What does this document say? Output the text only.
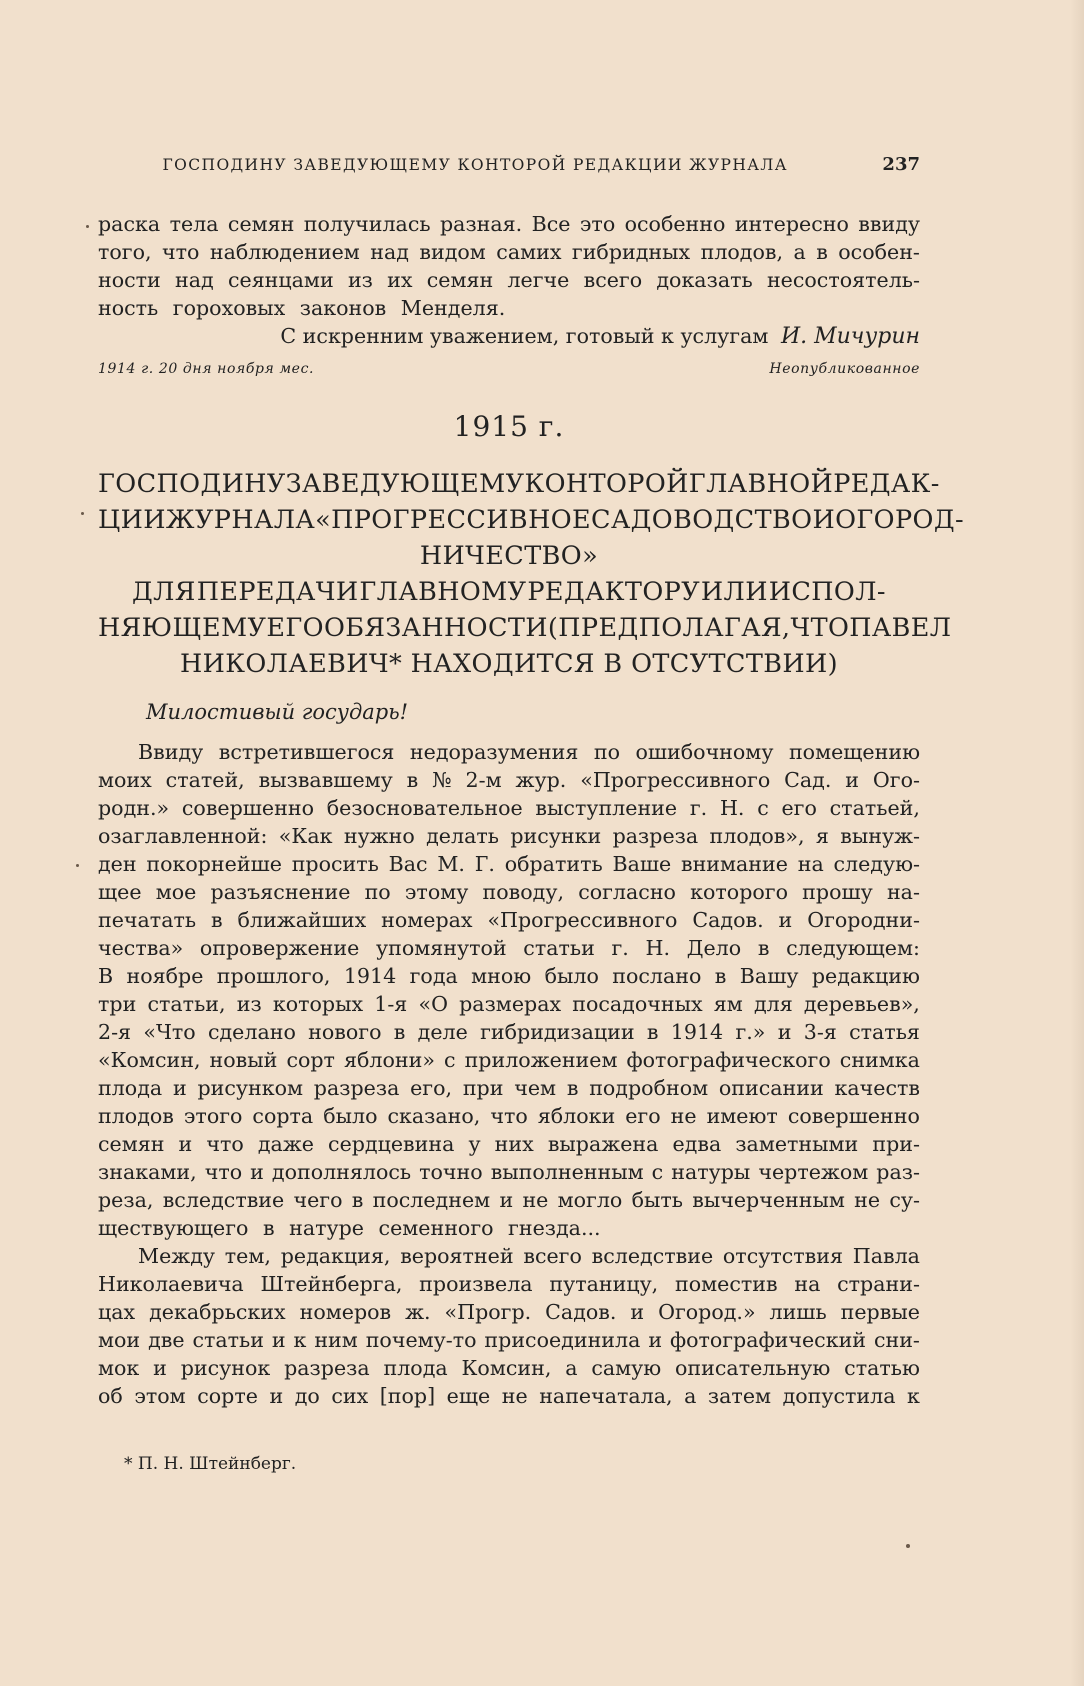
ГОСПОДИНУ ЗАВЕДУЮЩЕМУ КОНТОРОЙ РЕДАКЦИИ ЖУРНАЛА	237
раска тела семян получилась разная. Все это особенно интересно ввиду
того, что наблюдением над видом самих гибридных плодов, а в особен-
ности над сеянцами из их семян легче всего доказать несостоятель-
ность гороховых законов Менделя.
С искренним уважением, готовый к услугам И. Мичурин
1914 г. 20 дня ноября мес.	Неопубликованное
1915 г.
ГОСПОДИНУ ЗАВЕДУЮЩЕМУ КОНТОРОЙ ГЛАВНОЙ РЕДАК-
ЦИИ ЖУРНАЛА «ПРОГРЕССИВНОЕ САДОВОДСТВО И ОГОРОД-
НИЧЕСТВО»
ДЛЯ ПЕРЕДАЧИ ГЛАВНОМУ РЕДАКТОРУ ИЛИ ИСПОЛ-
НЯЮЩЕМУ ЕГО ОБЯЗАННОСТИ (ПРЕДПОЛАГАЯ, ЧТО ПАВЕЛ
НИКОЛАЕВИЧ* НАХОДИТСЯ В ОТСУТСТВИИ)
Милостивый государь!
Ввиду встретившегося недоразумения по ошибочному помещению
моих статей, вызвавшему в № 2-м жур. «Прогрессивного Сад. и Ого-
родн.» совершенно безосновательное выступление г. Н. с его статьей,
озаглавленной: «Как нужно делать рисунки разреза плодов», я вынуж-
ден покорнейше просить Вас М. Г. обратить Ваше внимание на следую-
щее мое разъяснение по этому поводу, согласно которого прошу на-
печатать в ближайших номерах «Прогрессивного Садов. и Огородни-
чества» опровержение упомянутой статьи г. Н. Дело в следующем:
В ноябре прошлого, 1914 года мною было послано в Вашу редакцию
три статьи, из которых 1-я «О размерах посадочных ям для деревьев»,
2-я «Что сделано нового в деле гибридизации в 1914 г.» и 3-я статья
«Комсин, новый сорт яблони» с приложением фотографического снимка
плода и рисунком разреза его, при чем в подробном описании качеств
плодов этого сорта было сказано, что яблоки его не имеют совершенно
семян и что даже сердцевина у них выражена едва заметными при-
знаками, что и дополнялось точно выполненным с натуры чертежом раз-
реза, вследствие чего в последнем и не могло быть вычерченным не су-
ществующего в натуре семенного гнезда...
Между тем, редакция, вероятней всего вследствие отсутствия Павла
Николаевича Штейнберга, произвела путаницу, поместив на страни-
цах декабрьских номеров ж. «Прогр. Садов. и Огород.» лишь первые
мои две статьи и к ним почему-то присоединила и фотографический сни-
мок и рисунок разреза плода Комсин, а самую описательную статью
об этом сорте и до сих [пор] еще не напечатала, а затем допустила к
* П. Н. Штейнберг.
